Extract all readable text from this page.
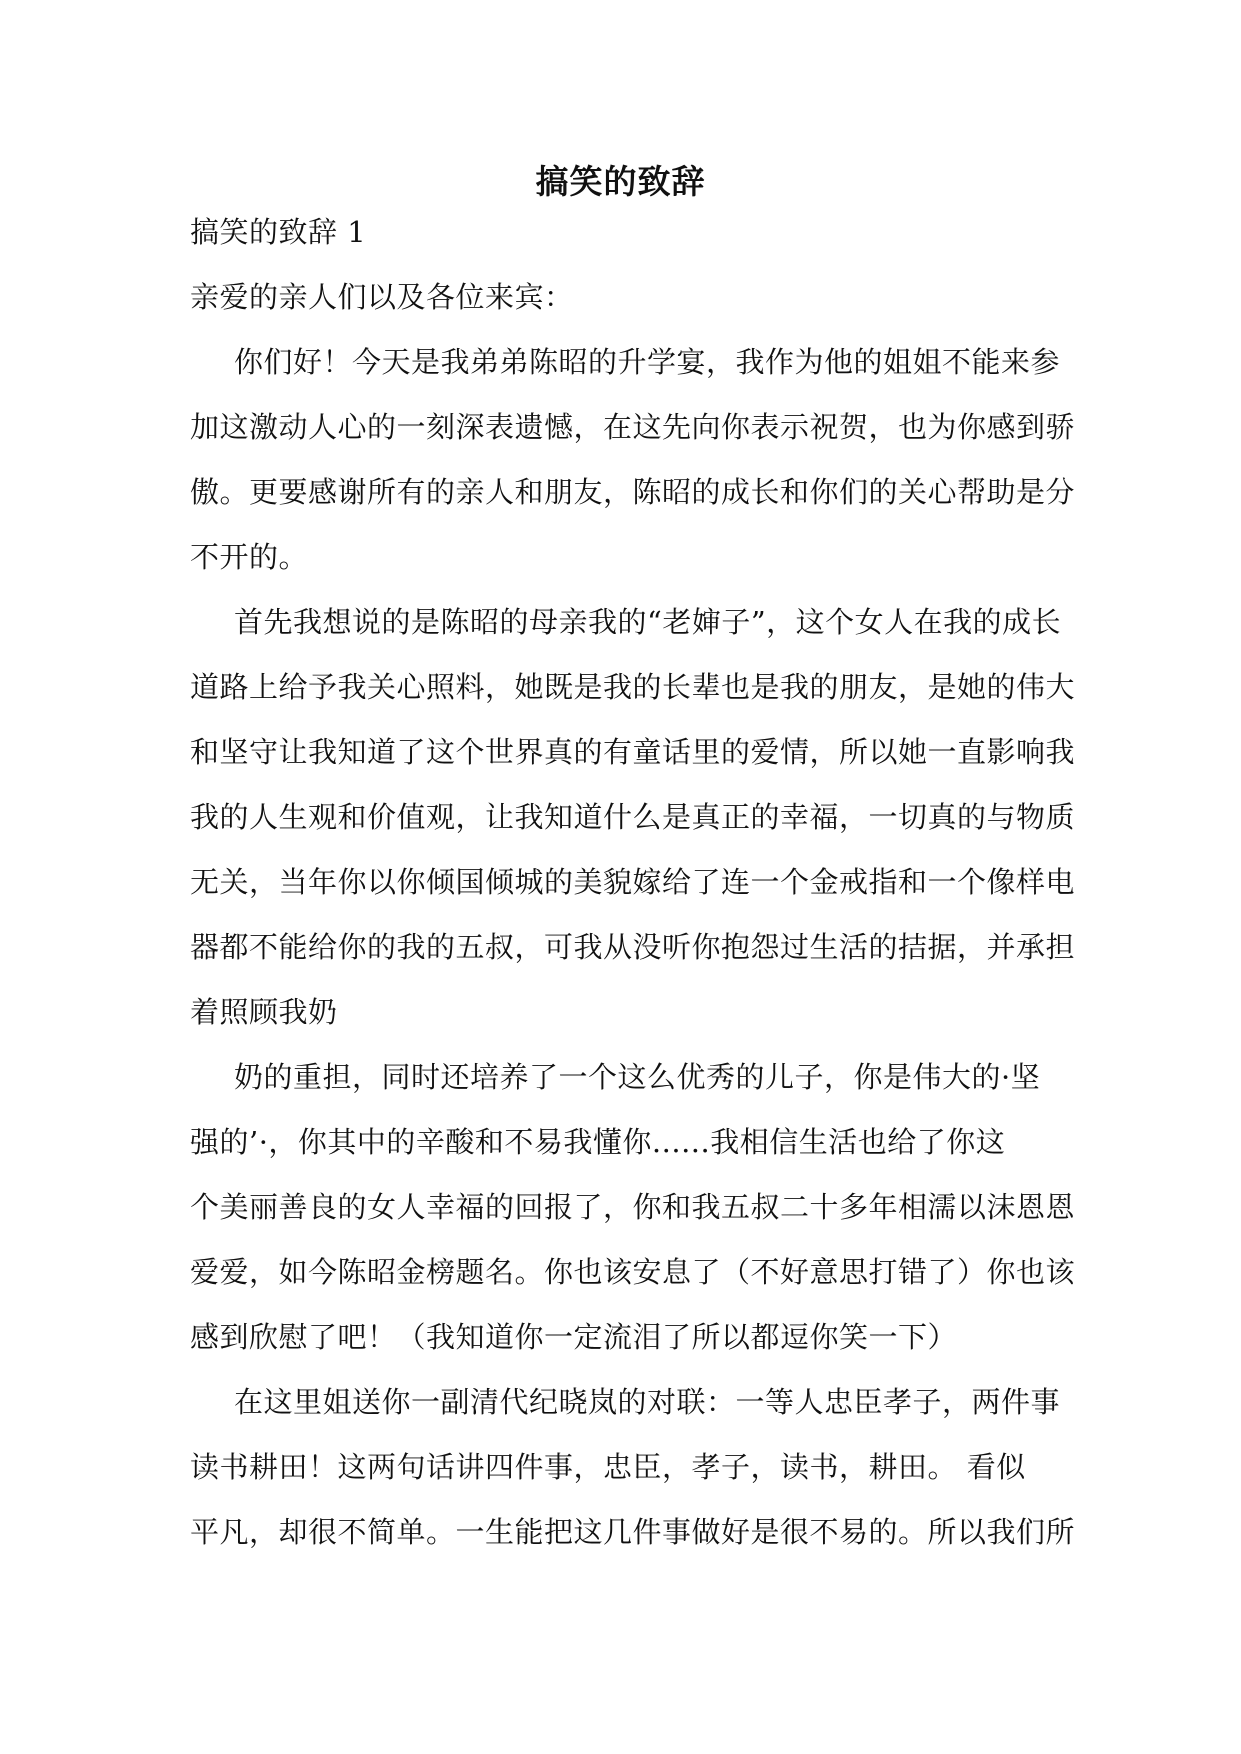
搞笑的致辞
搞笑的致辞 1
亲爱的亲人们以及各位来宾：
你们好！今天是我弟弟陈昭的升学宴，我作为他的姐姐不能来参
加这激动人心的一刻深表遗憾，在这先向你表示祝贺，也为你感到骄
傲。更要感谢所有的亲人和朋友，陈昭的成长和你们的关心帮助是分
不开的。
首先我想说的是陈昭的母亲我的“老婶子”，这个女人在我的成长
道路上给予我关心照料，她既是我的长辈也是我的朋友，是她的伟大
和坚守让我知道了这个世界真的有童话里的爱情，所以她一直影响我
我的人生观和价值观，让我知道什么是真正的幸福，一切真的与物质
无关，当年你以你倾国倾城的美貌嫁给了连一个金戒指和一个像样电
器都不能给你的我的五叔，可我从没听你抱怨过生活的拮据，并承担
着照顾我奶
奶的重担，同时还培养了一个这么优秀的儿子，你是伟大的·坚
强的’·，你其中的辛酸和不易我懂你......我相信生活也给了你这
个美丽善良的女人幸福的回报了，你和我五叔二十多年相濡以沫恩恩
爱爱，如今陈昭金榜题名。你也该安息了（不好意思打错了）你也该
感到欣慰了吧！（我知道你一定流泪了所以都逗你笑一下）
在这里姐送你一副清代纪晓岚的对联：一等人忠臣孝子，两件事
读书耕田！这两句话讲四件事，忠臣，孝子，读书，耕田。 看似
平凡，却很不简单。一生能把这几件事做好是很不易的。所以我们所
